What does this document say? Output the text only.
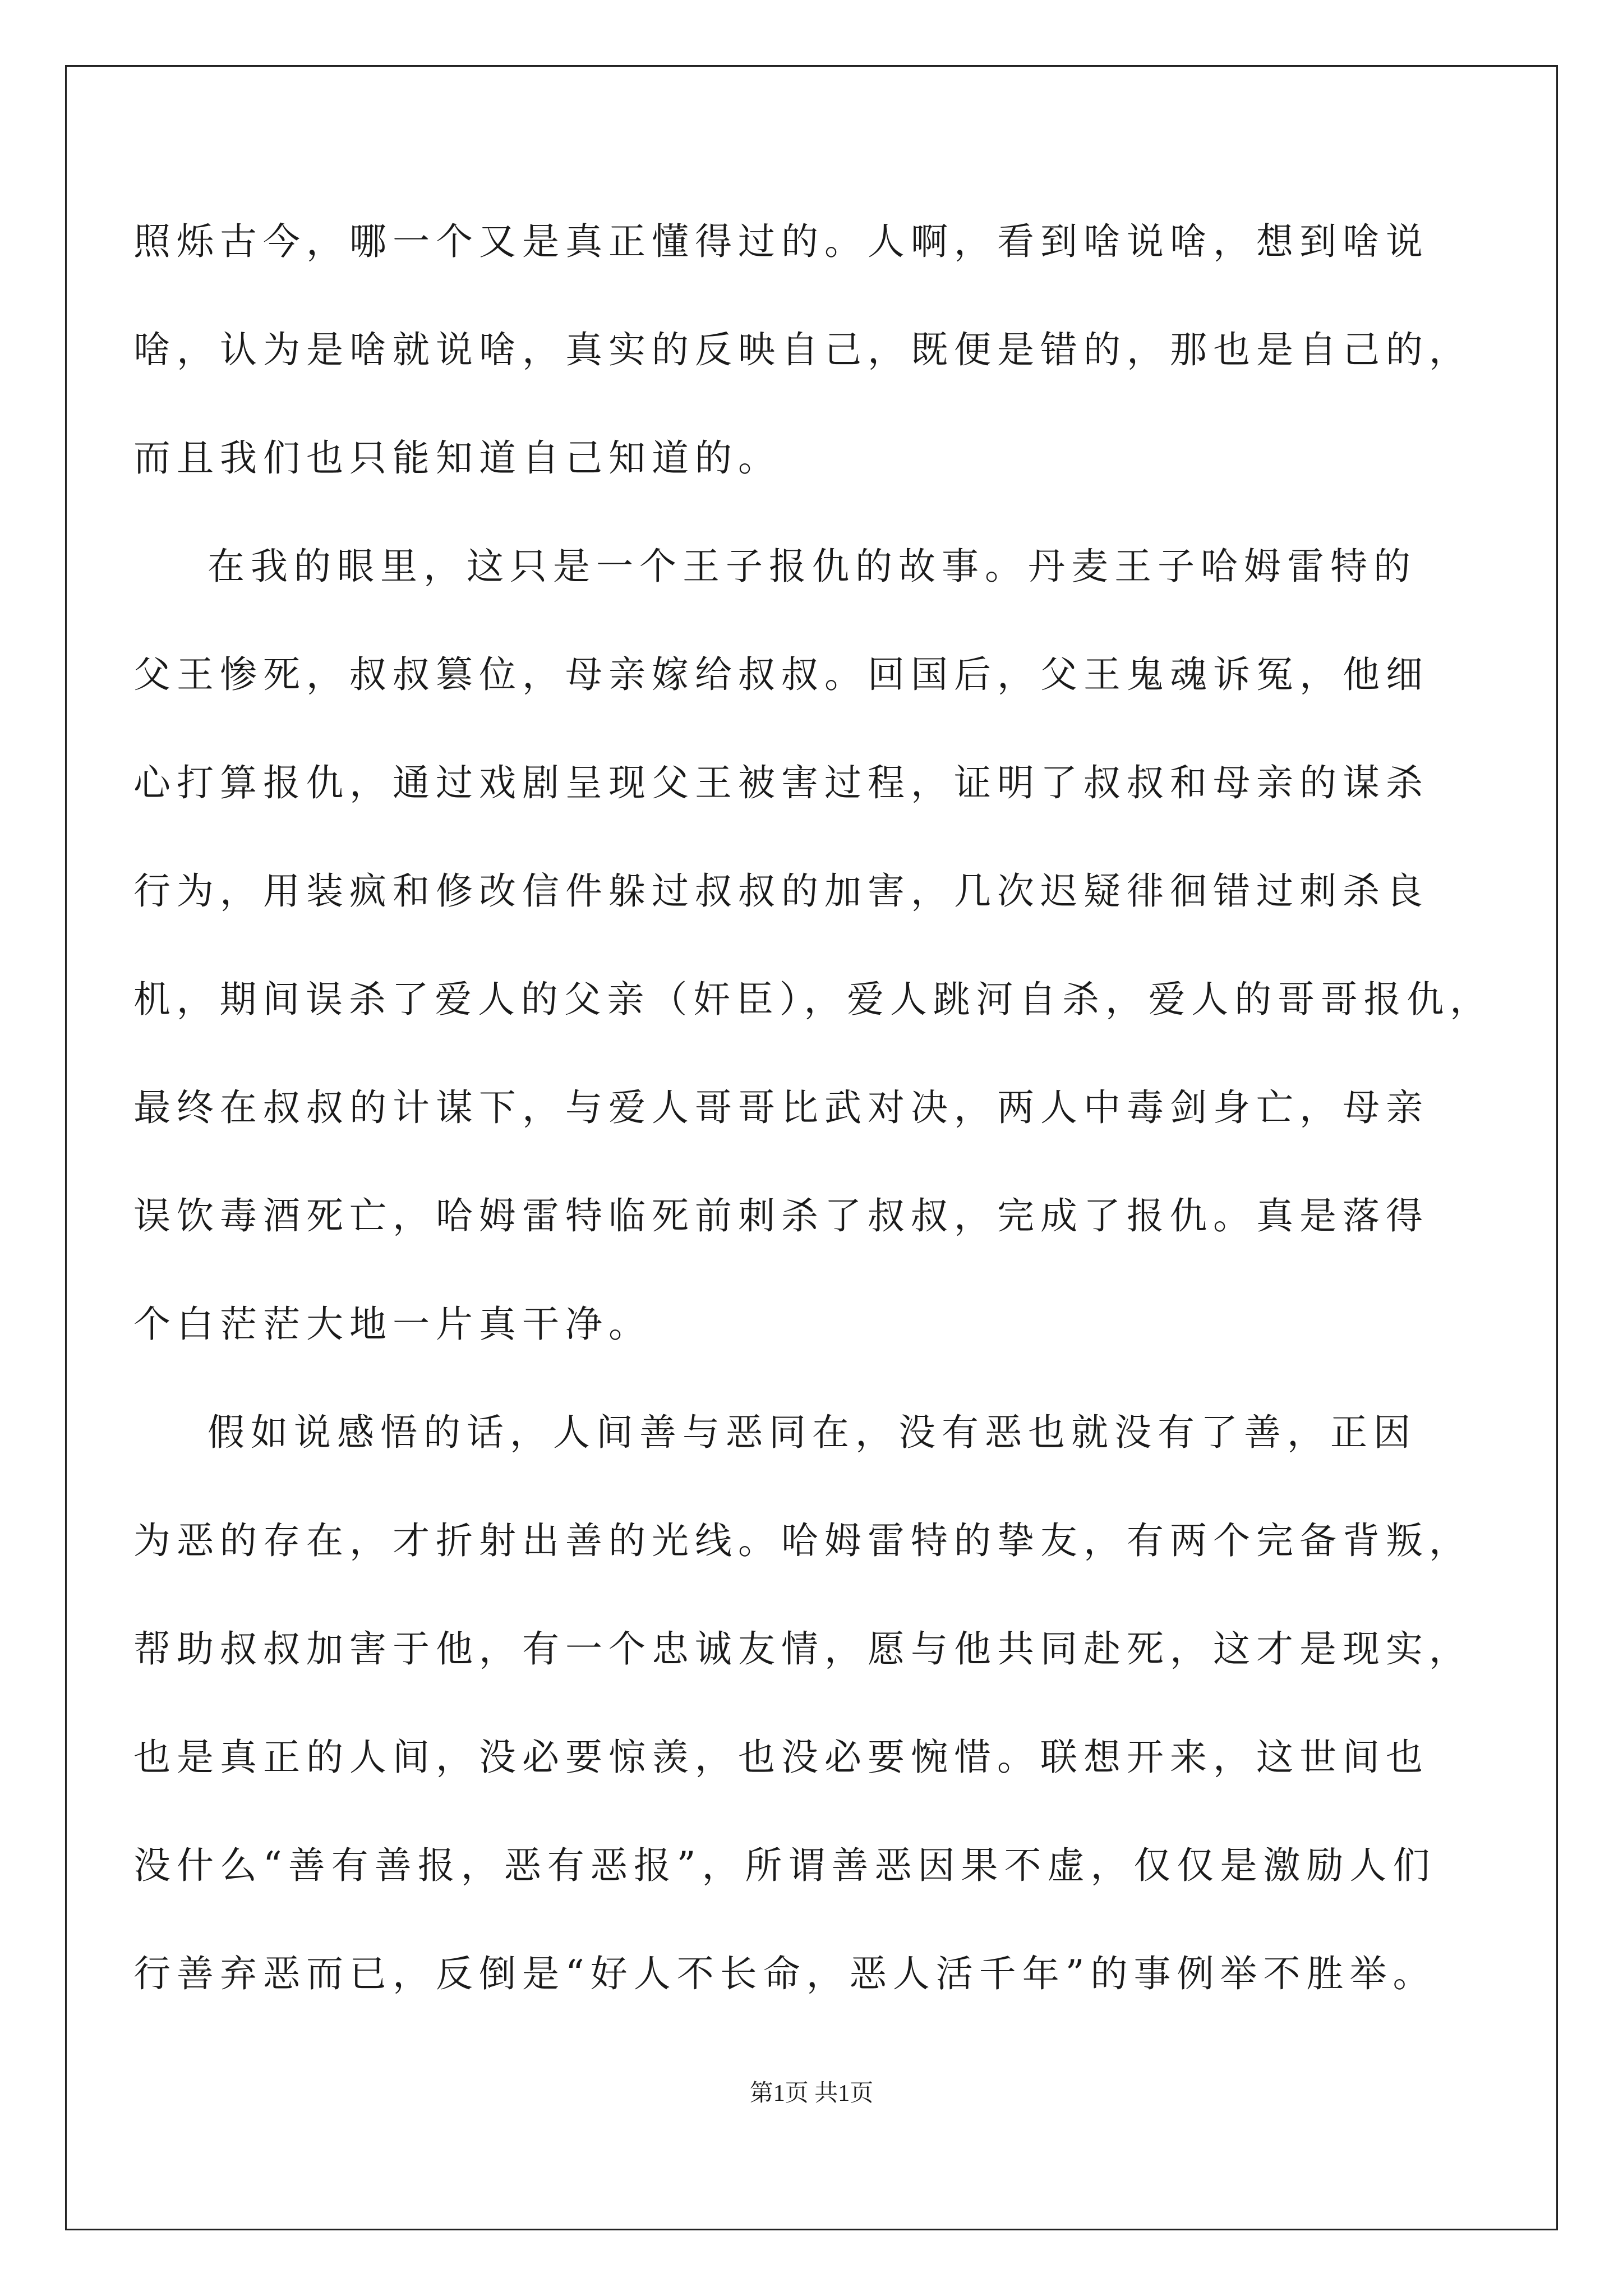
照烁古今，哪一个又是真正懂得过的。人啊，看到啥说啥，想到啥说
啥，认为是啥就说啥，真实的反映自己，既便是错的，那也是自己的，
而且我们也只能知道自己知道的。
在我的眼里，这只是一个王子报仇的故事。丹麦王子哈姆雷特的
父王惨死，叔叔篡位，母亲嫁给叔叔。回国后，父王鬼魂诉冤，他细
心打算报仇，通过戏剧呈现父王被害过程，证明了叔叔和母亲的谋杀
行为，用装疯和修改信件躲过叔叔的加害，几次迟疑徘徊错过刺杀良
机，期间误杀了爱人的父亲（奸臣），爱人跳河自杀，爱人的哥哥报仇，
最终在叔叔的计谋下，与爱人哥哥比武对决，两人中毒剑身亡，母亲
误饮毒酒死亡，哈姆雷特临死前刺杀了叔叔，完成了报仇。真是落得
个白茫茫大地一片真干净。
假如说感悟的话，人间善与恶同在，没有恶也就没有了善，正因
为恶的存在，才折射出善的光线。哈姆雷特的挚友，有两个完备背叛，
帮助叔叔加害于他，有一个忠诚友情，愿与他共同赴死，这才是现实，
也是真正的人间，没必要惊羡，也没必要惋惜。联想开来，这世间也
没什么“善有善报，恶有恶报”，所谓善恶因果不虚，仅仅是激励人们
行善弃恶而已，反倒是“好人不长命，恶人活千年”的事例举不胜举。
第1页 共1页
